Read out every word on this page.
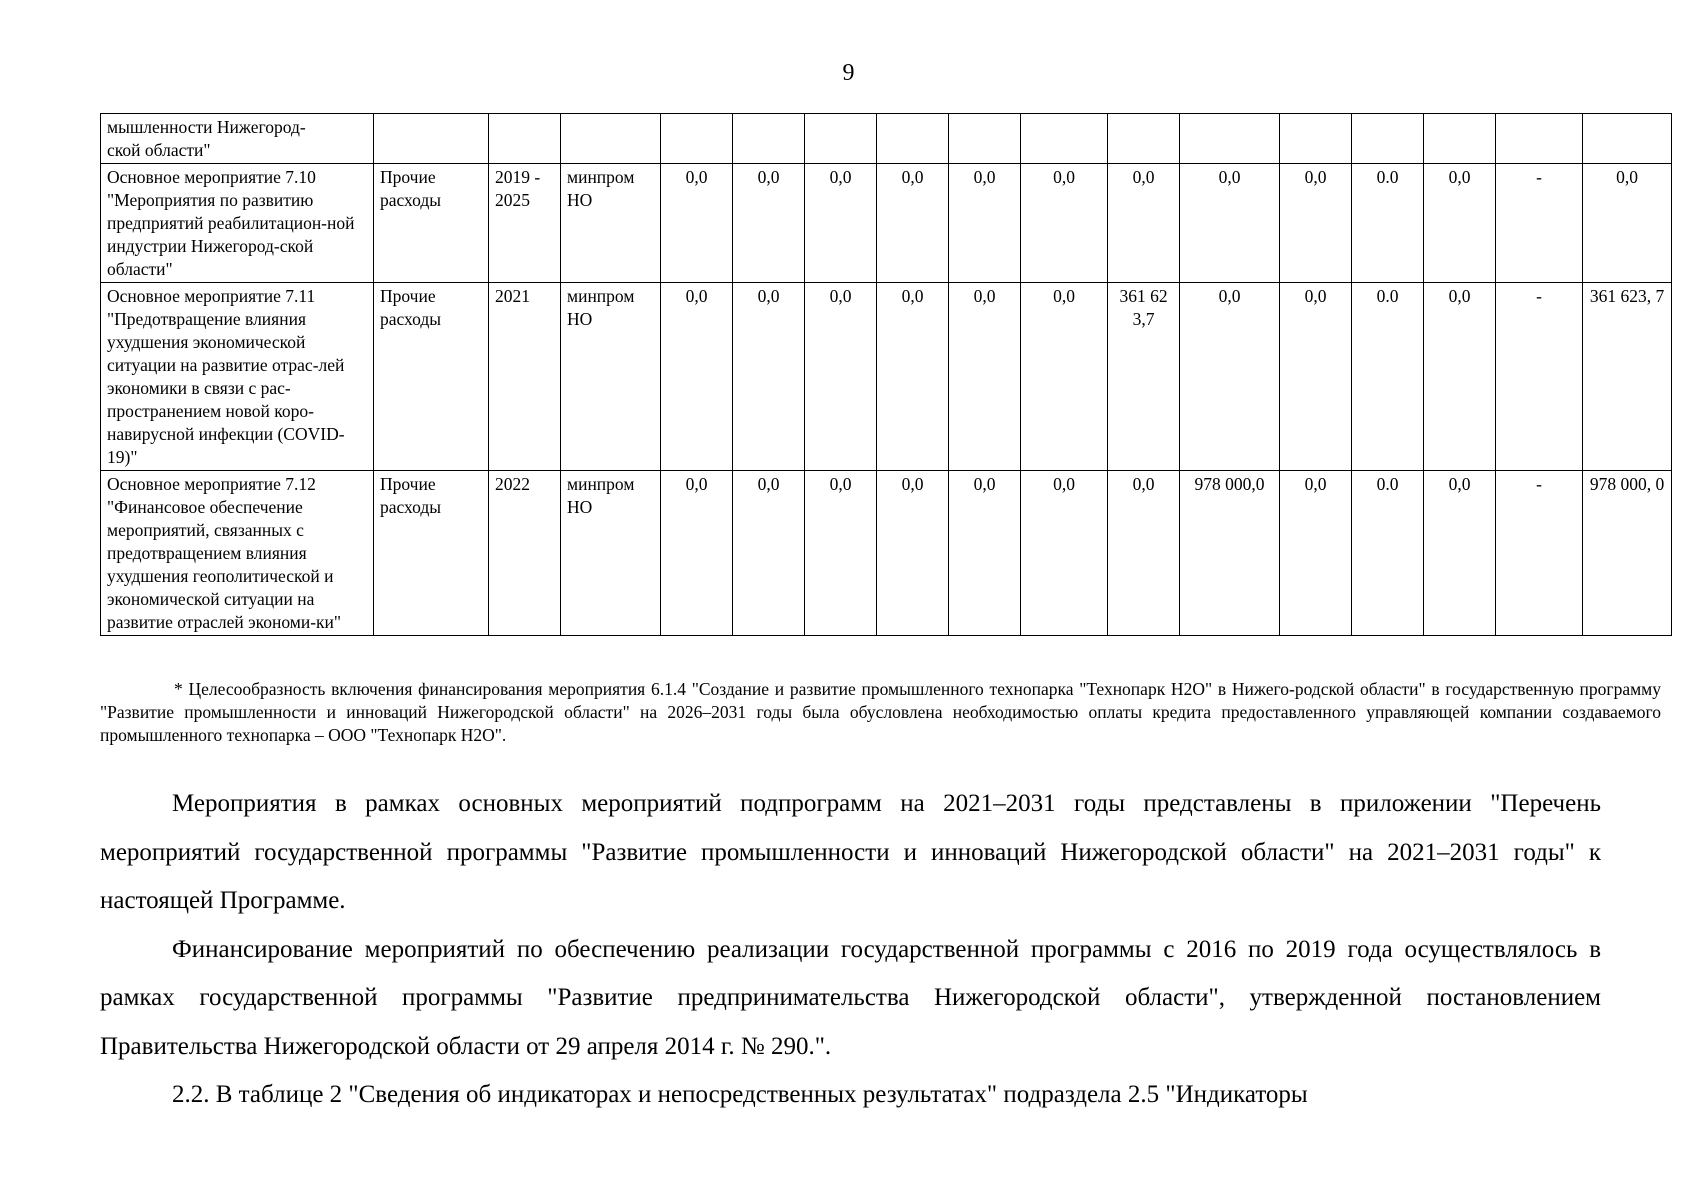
9
мышленности Нижегород-
ской области"																
Основное мероприятие 7.10 "Мероприятия по развитию предприятий реабилитацион-ной индустрии Нижегород-ской области"	Прочие расходы	2019 - 2025	минпром НО	0,0	0,0	0,0	0,0	0,0	0,0	0,0	0,0	0,0	0.0	0,0	-	0,0
Основное мероприятие 7.11 "Предотвращение влияния ухудшения экономической ситуации на развитие отрас-лей экономики в связи с рас-пространением новой коро-навирусной инфекции (COVID-19)"	Прочие расходы	2021	минпром НО	0,0	0,0	0,0	0,0	0,0	0,0	361 62 3,7	0,0	0,0	0.0	0,0	-	361 623, 7
Основное мероприятие 7.12 "Финансовое обеспечение мероприятий, связанных с предотвращением влияния ухудшения геополитической и экономической ситуации на развитие отраслей экономи-ки"	Прочие расходы	2022	минпром НО	0,0	0,0	0,0	0,0	0,0	0,0	0,0	978 000,0	0,0	0.0	0,0	-	978 000, 0

* Целесообразность включения финансирования мероприятия 6.1.4 "Создание и развитие промышленного технопарка "Технопарк Н2О" в Нижего-родской области" в государственную программу "Развитие промышленности и инноваций Нижегородской области" на 2026–2031 годы была обусловлена необходимостью оплаты кредита предоставленного управляющей компании создаваемого промышленного технопарка – ООО "Технопарк Н2О".

Мероприятия в рамках основных мероприятий подпрограмм на 2021–2031 годы представлены в приложении "Перечень мероприятий государственной программы "Развитие промышленности и инноваций Нижегородской области" на 2021–2031 годы" к настоящей Программе.

Финансирование мероприятий по обеспечению реализации государственной программы с 2016 по 2019 года осуществлялось в рамках государственной программы "Развитие предпринимательства Нижегородской области", утвержденной постановлением Правительства Нижегородской области от 29 апреля 2014 г. № 290.".

2.2. В таблице 2 "Сведения об индикаторах и непосредственных результатах" подраздела 2.5 "Индикаторы
